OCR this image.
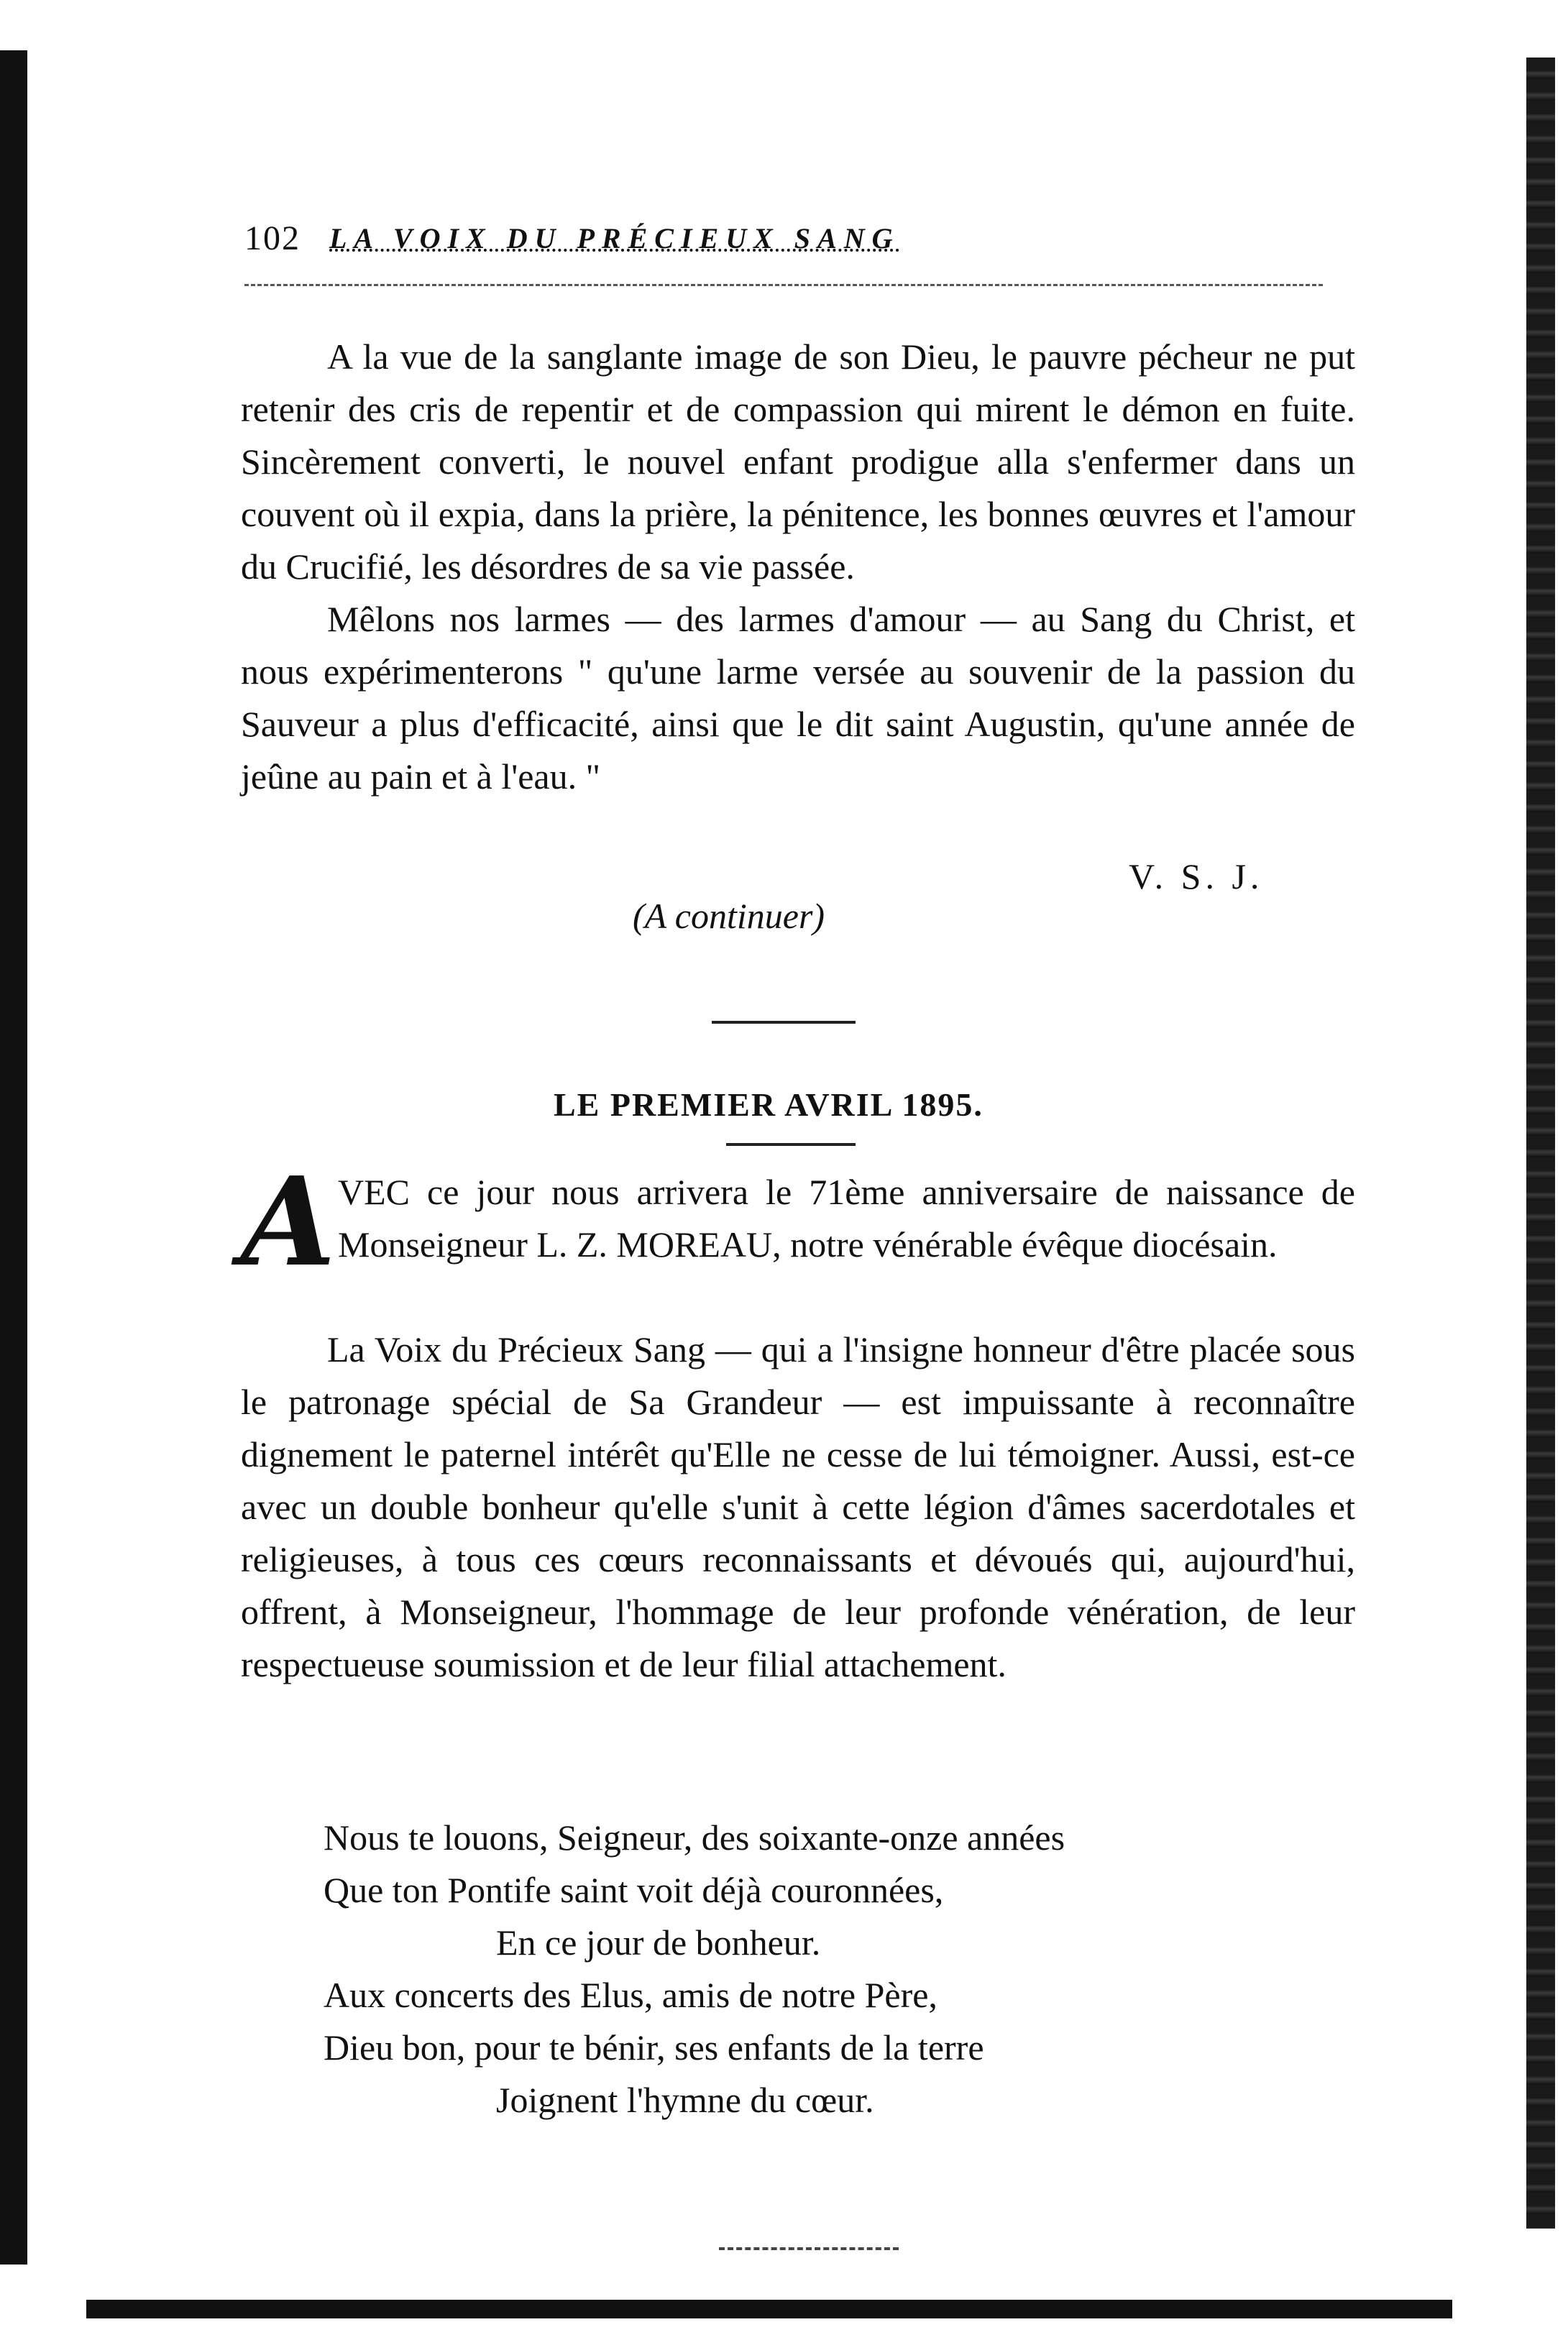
102 LA VOIX DU PRÉCIEUX SANG

A la vue de la sanglante image de son Dieu, le pauvre pécheur ne put retenir des cris de repentir et de compassion qui mirent le démon en fuite. Sincèrement converti, le nouvel enfant prodigue alla s'enfermer dans un couvent où il expia, dans la prière, la pénitence, les bonnes œuvres et l'amour du Crucifié, les désordres de sa vie passée.

Mêlons nos larmes — des larmes d'amour — au Sang du Christ, et nous expérimenterons " qu'une larme versée au souvenir de la passion du Sauveur a plus d'efficacité, ainsi que le dit saint Augustin, qu'une année de jeûne au pain et à l'eau. "

V. S. J.
(A continuer)
LE PREMIER AVRIL 1895.
A VEC ce jour nous arrivera le 71ème anniversaire de naissance de Monseigneur L. Z. MOREAU, notre vénérable évêque diocésain.

La Voix du Précieux Sang — qui a l'insigne honneur d'être placée sous le patronage spécial de Sa Grandeur — est impuissante à reconnaître dignement le paternel intérêt qu'Elle ne cesse de lui témoigner. Aussi, est-ce avec un double bonheur qu'elle s'unit à cette légion d'âmes sacerdotales et religieuses, à tous ces cœurs reconnaissants et dévoués qui, aujourd'hui, offrent, à Monseigneur, l'hommage de leur profonde vénération, de leur respectueuse soumission et de leur filial attachement.

Nous te louons, Seigneur, des soixante-onze années
Que ton Pontife saint voit déjà couronnées,
En ce jour de bonheur.
Aux concerts des Elus, amis de notre Père,
Dieu bon, pour te bénir, ses enfants de la terre
Joignent l'hymne du cœur.
